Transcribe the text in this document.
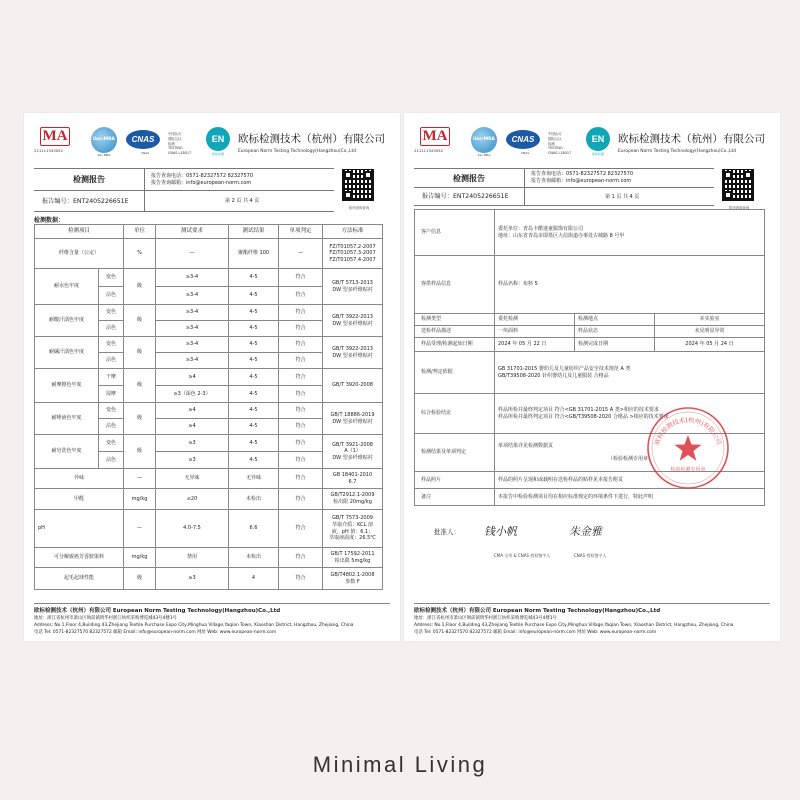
MA
211111343052
ilac-MRA
ilac-MRA
CNAS
CNAS
中国认可
国际互认
检测
TESTING
CNAS L18017
EN
欧标检测
欧标检测技术（杭州）有限公司
European Norm Testing Technology(Hangzhou)Co.,Ltd
检测报告
报告编号：ENT2405226651E
报告查询电话：0571-82327572 82327570
报告查询邮箱：info@european-norm.com
第 2 页 共 4 页
防伪查询查询
检测数据：
检测项目		单位	测试要求	测试结果	单项判定	方法标准
纤维含量（公定）		%	—	聚酯纤维 100	—	FZ/T01057.2-2007
FZ/T01057.3-2007
FZ/T01057.4-2007

耐水色牢度	变色	级	≥3-4	4-5	符合	GB/T 5713-2013
DW 型多纤维贴衬

	沾色		≥3-4	4-5	符合	
耐酸汗渍色牢度	变色	级	≥3-4	4-5	符合	GB/T 3922-2013
DW 型多纤维贴衬

	沾色		≥3-4	4-5	符合	
耐碱汗渍色牢度	变色	级	≥3-4	4-5	符合	GB/T 3922-2013
DW 型多纤维贴衬

	沾色		≥3-4	4-5	符合	
耐摩擦色牢度	干摩	级	≥4	4-5	符合	GB/T 3920-2008
	湿摩		≥3（深色 2-3）	4-5	符合	
耐唾液色牢度	变色	级	≥4	4-5	符合	GB/T 18886-2019
DW 型多纤维贴衬

	沾色		≥4	4-5	符合	
耐皂洗色牢度	变色	级	≥3	4-5	符合	GB/T 3921-2008
A（1）
DW 型多纤维贴衬

	沾色		≥3	4-5	符合	
异味		—	无异味	无异味	符合	GB 18401-2010
6.7

甲醛		mg/kg	≤20	未检出	符合	GB/T2912.1-2009
检出限 20mg/kg

pH		—	4.0-7.5	6.6	符合	GB/T 7573-2009
萃取介质：KCL 溶
液，pH 值：6.1；
萃取液温度：26.5℃

可分解致癌芳香胺染料		mg/kg	禁用	未检出	符合	GB/T 17592-2011
检出限 5mg/kg

起毛起球性能		级	≥3	4	符合	GB/T4802.1-2008
参数 F
欧标检测技术（杭州）有限公司 European Norm Testing Technology(Hangzhou)Co.,Ltd
地址：浙江省杭州市萧山区衙前镇明华村浙江纺织采购博览城43号4楼1号
Address: No.1,Floor 4,Building 43,Zhejiang Textile Purchase Expo City,Minghua Village,Yaqian Town, Xiaoshan District, Hangzhou, Zhejiang, China
电话 Tel: 0571-82327570 82327572 邮箱 Email: info@european-norm.com 网址 Web: www.european-norm.com
MA
211111343052
ilac-MRA
ilac-MRA
CNAS
CNAS
中国认可
国际互认
检测
TESTING
CNAS L18017
EN
欧标检测
欧标检测技术（杭州）有限公司
European Norm Testing Technology(Hangzhou)Co.,Ltd
检测报告
报告编号：ENT2405226651E
报告查询电话：0571-82327572 82327570
报告查询邮箱：info@european-norm.com
第 1 页 共 4 页
防伪查询查询
客户信息	委托单位：青岛卡酷迷童服饰有限公司
地址：山东省青岛市即墨区大信街道办事处古城路 8 号甲		

客供样品信息	样品名称：布料 5		
检测类型	委托检测	检测地点	本实验室
送检样品描述	一块面料	样品状态	未见明显异常
样品受理/检测起始日期	2024 年 05 月 22 日	检测完成日期	2024 年 05 月 24 日
检测/判定依据	GB 31701-2015 婴幼儿及儿童纺织产品安全技术规范 A 类
GB/T39508-2020 针织婴幼儿及儿童服装 合格品		

综合检验结论	样品所检并最终判定项目 符合<GB 31701-2015 A 类>相应的技术要求
样品所检并最终判定项目 符合<GB/T39508-2020 合格品 >相应的技术要求		

检测结果及单项判定	单项结果详见检测数据页
（检验检测专用章）		

样品照片	样品的照片呈现和或载明在送检样品的贴样见本报告附页		
备注	本报告中检验检测项目均在相应标准规定的环境条件下进行，特此声明		
欧标检测技术(杭州)有限公司
检验检测专用章
批准人： 钱小帆	朱金雅
CMA 全项 & CNAS 授权签字人	CNAS 授权签字人
欧标检测技术（杭州）有限公司 European Norm Testing Technology(Hangzhou)Co.,Ltd
地址：浙江省杭州市萧山区衙前镇明华村浙江纺织采购博览城43号4楼1号
Address: No.1,Floor 4,Building 43,Zhejiang Textile Purchase Expo City,Minghua Village,Yaqian Town, Xiaoshan District, Hangzhou, Zhejiang, China
电话 Tel: 0571-82327570 82327572 邮箱 Email: info@european-norm.com 网址 Web: www.european-norm.com
Minimal Living
